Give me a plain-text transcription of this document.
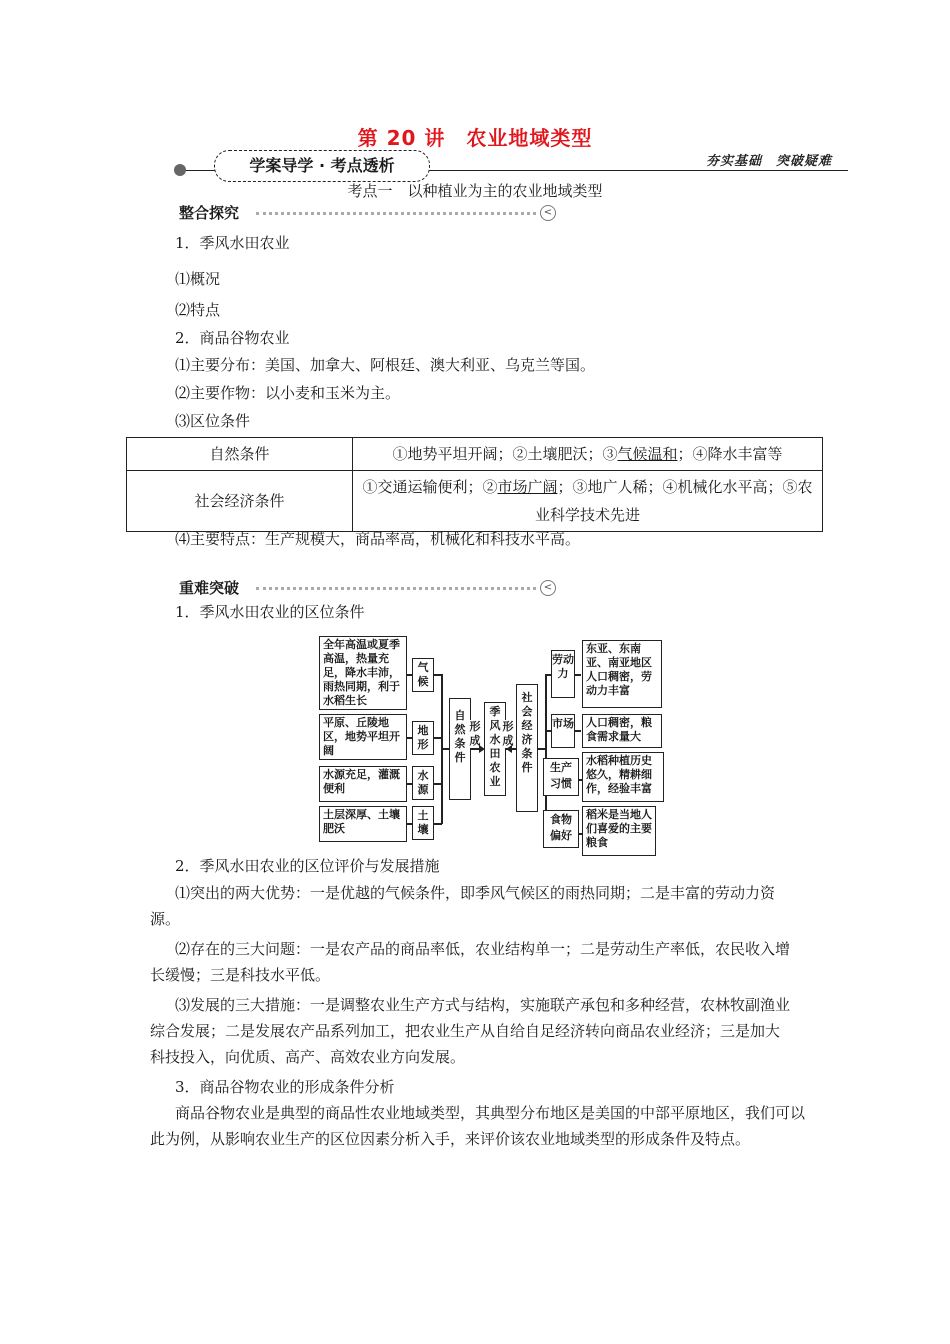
第 20 讲　农业地域类型
学案导学 · 考点透析	夯实基础　突破疑难
考点一　以种植业为主的农业地域类型
整合探究	<
1．季风水田农业
⑴概况
⑵特点
2．商品谷物农业
⑴主要分布：美国、加拿大、阿根廷、澳大利亚、乌克兰等国。
⑵主要作物：以小麦和玉米为主。
⑶区位条件
自然条件	①地势平坦开阔；②土壤肥沃；③气候温和；④降水丰富等
社会经济条件	①交通运输便利；②市场广阔；③地广人稀；④机械化水平高；⑤农业科学技术先进
⑷主要特点：生产规模大，商品率高，机械化和科技水平高。
重难突破	<
1．季风水田农业的区位条件
全年高温或夏季高温，热量充足，降水丰沛，雨热同期，利于水稻生长
平原、丘陵地区，地势平坦开阔
水源充足，灌溉便利
土层深厚、土壤肥沃
气候
地形
水源
土壤
自然条件
形成
季风水田农业
形成
社会经济条件
劳动力
市场
生产习惯
食物偏好
东亚、东南亚、南亚地区人口稠密，劳动力丰富
人口稠密，粮食需求量大
水稻种植历史悠久，精耕细作，经验丰富
稻米是当地人们喜爱的主要粮食
2．季风水田农业的区位评价与发展措施
⑴突出的两大优势：一是优越的气候条件，即季风气候区的雨热同期；二是丰富的劳动力资源。
⑵存在的三大问题：一是农产品的商品率低，农业结构单一；二是劳动生产率低，农民收入增长缓慢；三是科技水平低。
⑶发展的三大措施：一是调整农业生产方式与结构，实施联产承包和多种经营，农林牧副渔业综合发展；二是发展农产品系列加工，把农业生产从自给自足经济转向商品农业经济；三是加大科技投入，向优质、高产、高效农业方向发展。
3．商品谷物农业的形成条件分析
商品谷物农业是典型的商品性农业地域类型，其典型分布地区是美国的中部平原地区，我们可以此为例，从影响农业生产的区位因素分析入手，来评价该农业地域类型的形成条件及特点。
